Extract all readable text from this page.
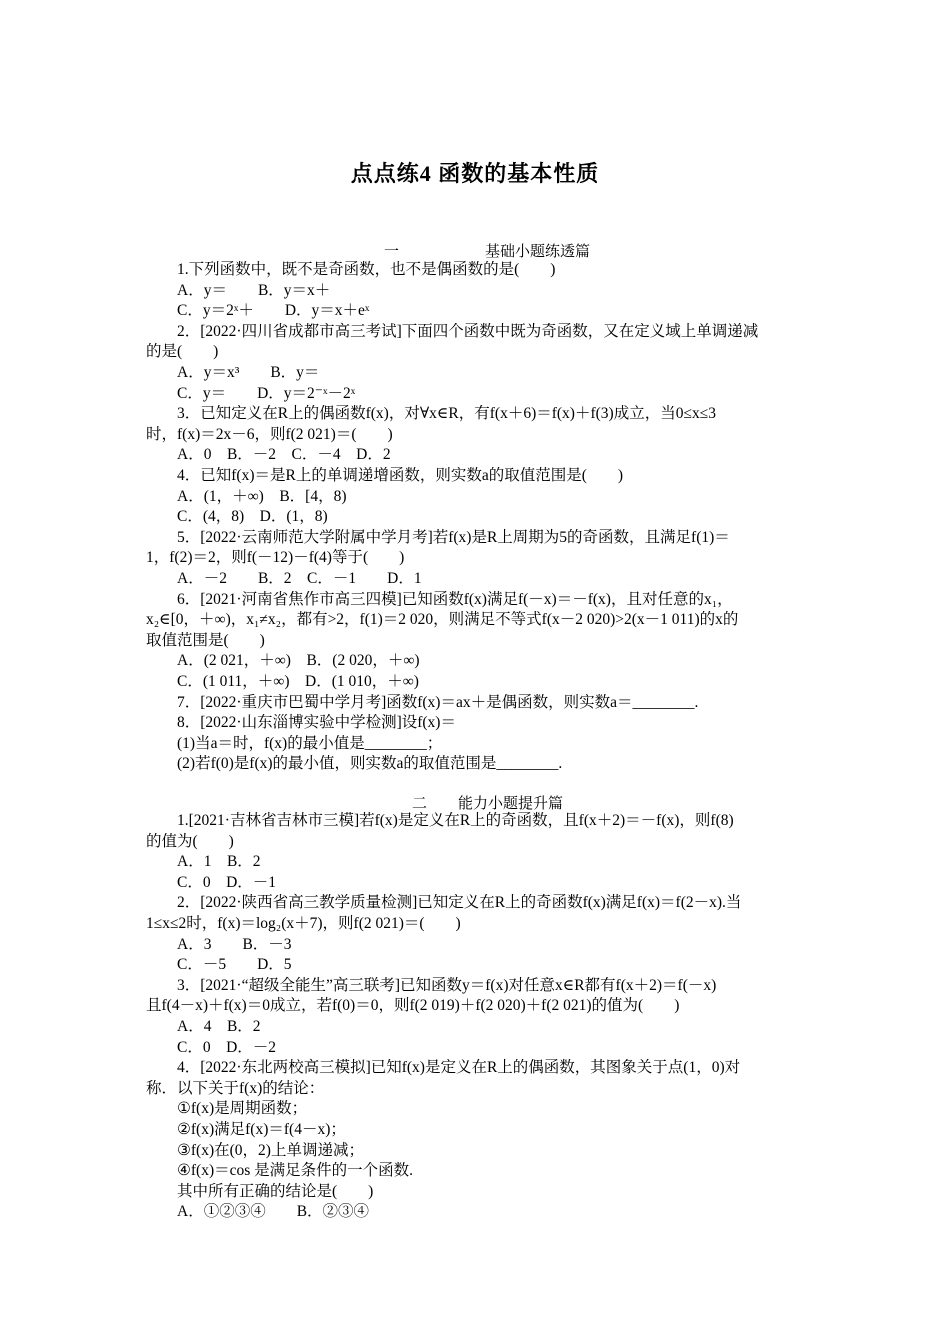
点点练4 函数的基本性质
一	基础小题练透篇
1.下列函数中，既不是奇函数，也不是偶函数的是(　　)
A．y＝　　B．y＝x＋
C．y＝2ˣ＋　　D．y＝x＋eˣ
2．[2022·四川省成都市高三考试]下面四个函数中既为奇函数，又在定义域上单调递减
的是(　　)
A．y＝x³　　B．y＝
C．y＝　　D．y＝2⁻ˣ－2ˣ
3．已知定义在R上的偶函数f(x)，对∀x∈R，有f(x＋6)＝f(x)＋f(3)成立，当0≤x≤3
时，f(x)＝2x－6，则f(2 021)＝(　　)
A．0　B．－2　C．－4　D．2
4．已知f(x)＝是R上的单调递增函数，则实数a的取值范围是(　　)
A．(1，＋∞)　B．[4，8)
C．(4，8)　D．(1，8)
5．[2022·云南师范大学附属中学月考]若f(x)是R上周期为5的奇函数，且满足f(1)＝
1，f(2)＝2，则f(－12)－f(4)等于(　　)
A．－2　　B．2　C．－1　　D．1
6．[2021·河南省焦作市高三四模]已知函数f(x)满足f(－x)＝－f(x)，且对任意的x₁，
x₂∈[0，＋∞)，x₁≠x₂，都有>2，f(1)＝2 020，则满足不等式f(x－2 020)>2(x－1 011)的x的
取值范围是(　　)
A．(2 021，＋∞)　B．(2 020，＋∞)
C．(1 011，＋∞)　D．(1 010，＋∞)
7．[2022·重庆市巴蜀中学月考]函数f(x)＝ax＋是偶函数，则实数a＝________.
8．[2022·山东淄博实验中学检测]设f(x)＝
(1)当a＝时，f(x)的最小值是________；
(2)若f(0)是f(x)的最小值，则实数a的取值范围是________.
二 能力小题提升篇
1.[2021·吉林省吉林市三模]若f(x)是定义在R上的奇函数，且f(x＋2)＝－f(x)，则f(8)
的值为(　　)
A．1　B．2
C．0　D．－1
2．[2022·陕西省高三教学质量检测]已知定义在R上的奇函数f(x)满足f(x)＝f(2－x).当
1≤x≤2时，f(x)＝log₂(x＋7)，则f(2 021)＝(　　)
A．3　　B．－3
C．－5　　D．5
3．[2021·“超级全能生”高三联考]已知函数y＝f(x)对任意x∈R都有f(x＋2)＝f(－x)
且f(4－x)＋f(x)＝0成立，若f(0)＝0，则f(2 019)＋f(2 020)＋f(2 021)的值为(　　)
A．4　B．2
C．0　D．－2
4．[2022·东北两校高三模拟]已知f(x)是定义在R上的偶函数，其图象关于点(1，0)对
称．以下关于f(x)的结论：
①f(x)是周期函数；
②f(x)满足f(x)＝f(4－x)；
③f(x)在(0，2)上单调递减；
④f(x)＝cos 是满足条件的一个函数.
其中所有正确的结论是(　　)
A．①②③④　　B．②③④
